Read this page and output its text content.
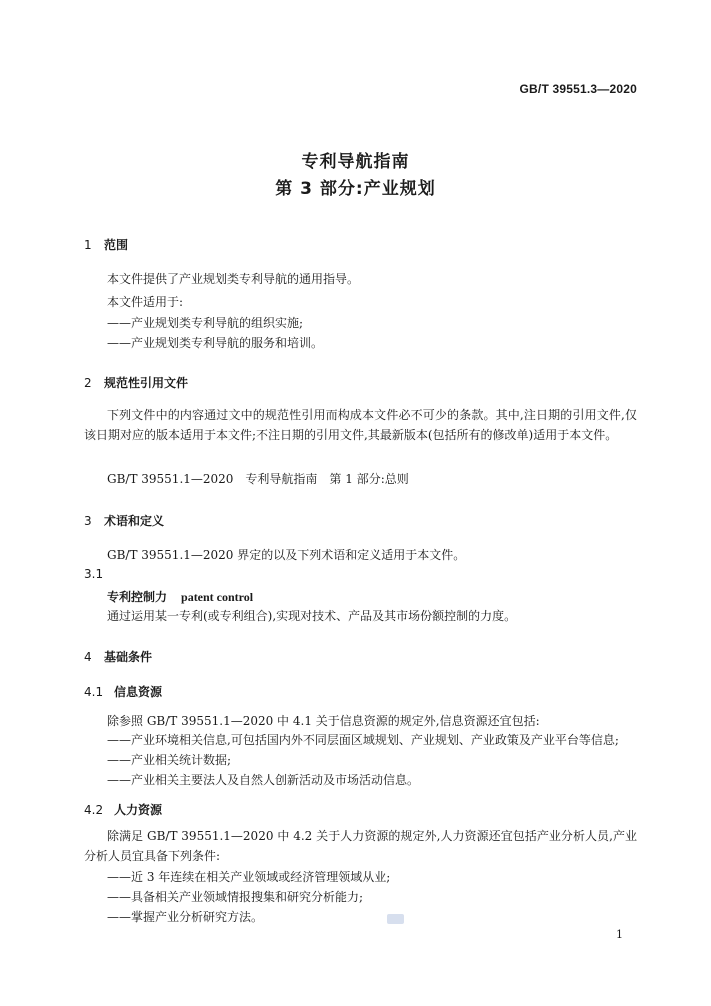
GB/T 39551.3—2020
专利导航指南
第 3 部分:产业规划
1 范围
本文件提供了产业规划类专利导航的通用指导。
本文件适用于:
——产业规划类专利导航的组织实施;
——产业规划类专利导航的服务和培训。
2 规范性引用文件
下列文件中的内容通过文中的规范性引用而构成本文件必不可少的条款。其中,注日期的引用文件,仅该日期对应的版本适用于本文件;不注日期的引用文件,其最新版本(包括所有的修改单)适用于本文件。
GB/T 39551.1—2020　专利导航指南　第 1 部分:总则
3 术语和定义
GB/T 39551.1—2020 界定的以及下列术语和定义适用于本文件。
3.1
专利控制力 patent control
通过运用某一专利(或专利组合),实现对技术、产品及其市场份额控制的力度。
4 基础条件
4.1 信息资源
除参照 GB/T 39551.1—2020 中 4.1 关于信息资源的规定外,信息资源还宜包括:
——产业环境相关信息,可包括国内外不同层面区域规划、产业规划、产业政策及产业平台等信息;
——产业相关统计数据;
——产业相关主要法人及自然人创新活动及市场活动信息。
4.2 人力资源
除满足 GB/T 39551.1—2020 中 4.2 关于人力资源的规定外,人力资源还宜包括产业分析人员,产业分析人员宜具备下列条件:
——近 3 年连续在相关产业领域或经济管理领域从业;
——具备相关产业领域情报搜集和研究分析能力;
——掌握产业分析研究方法。
1
